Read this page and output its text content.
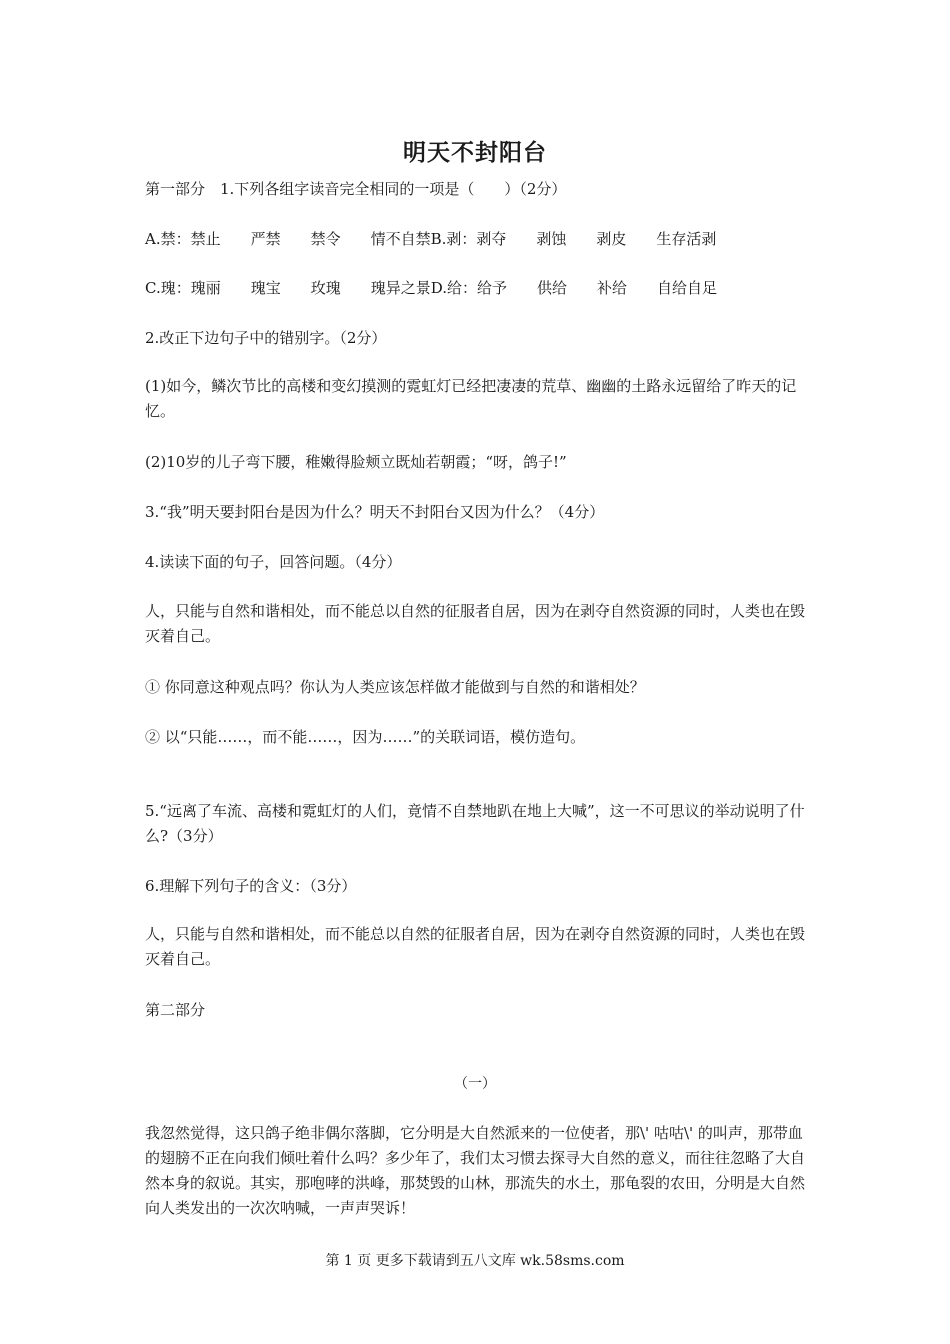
明天不封阳台
第一部分　1.下列各组字读音完全相同的一项是（　　）（2分）
A.禁：禁止　　严禁　　禁令　　情不自禁B.剥：剥夺　　剥蚀　　剥皮　　生存活剥
C.瑰：瑰丽　　瑰宝　　玫瑰　　瑰异之景D.给：给予　　供给　　补给　　自给自足
2.改正下边句子中的错别字。（2分）
(1)如今，鳞次节比的高楼和变幻摸测的霓虹灯已经把凄凄的荒草、幽幽的土路永远留给了昨天的记忆。
(2)10岁的儿子弯下腰，稚嫩得脸颊立既灿若朝霞；“呀，鸽子!”
3.“我”明天要封阳台是因为什么？明天不封阳台又因为什么？（4分）
4.读读下面的句子，回答问题。（4分）
人，只能与自然和谐相处，而不能总以自然的征服者自居，因为在剥夺自然资源的同时，人类也在毁灭着自己。
① 你同意这种观点吗？你认为人类应该怎样做才能做到与自然的和谐相处？
② 以“只能……，而不能……，因为……”的关联词语，模仿造句。
5.“远离了车流、高楼和霓虹灯的人们，竟情不自禁地趴在地上大喊”，这一不可思议的举动说明了什么?（3分）
6.理解下列句子的含义：（3分）
人，只能与自然和谐相处，而不能总以自然的征服者自居，因为在剥夺自然资源的同时，人类也在毁灭着自己。
第二部分
（一）
我忽然觉得，这只鸽子绝非偶尔落脚，它分明是大自然派来的一位使者，那\' 咕咕\' 的叫声，那带血的翅膀不正在向我们倾吐着什么吗？多少年了，我们太习惯去探寻大自然的意义，而往往忽略了大自然本身的叙说。其实，那咆哮的洪峰，那焚毁的山林，那流失的水土，那龟裂的农田，分明是大自然向人类发出的一次次呐喊，一声声哭诉！
第 1 页 更多下载请到五八文库 wk.58sms.com
